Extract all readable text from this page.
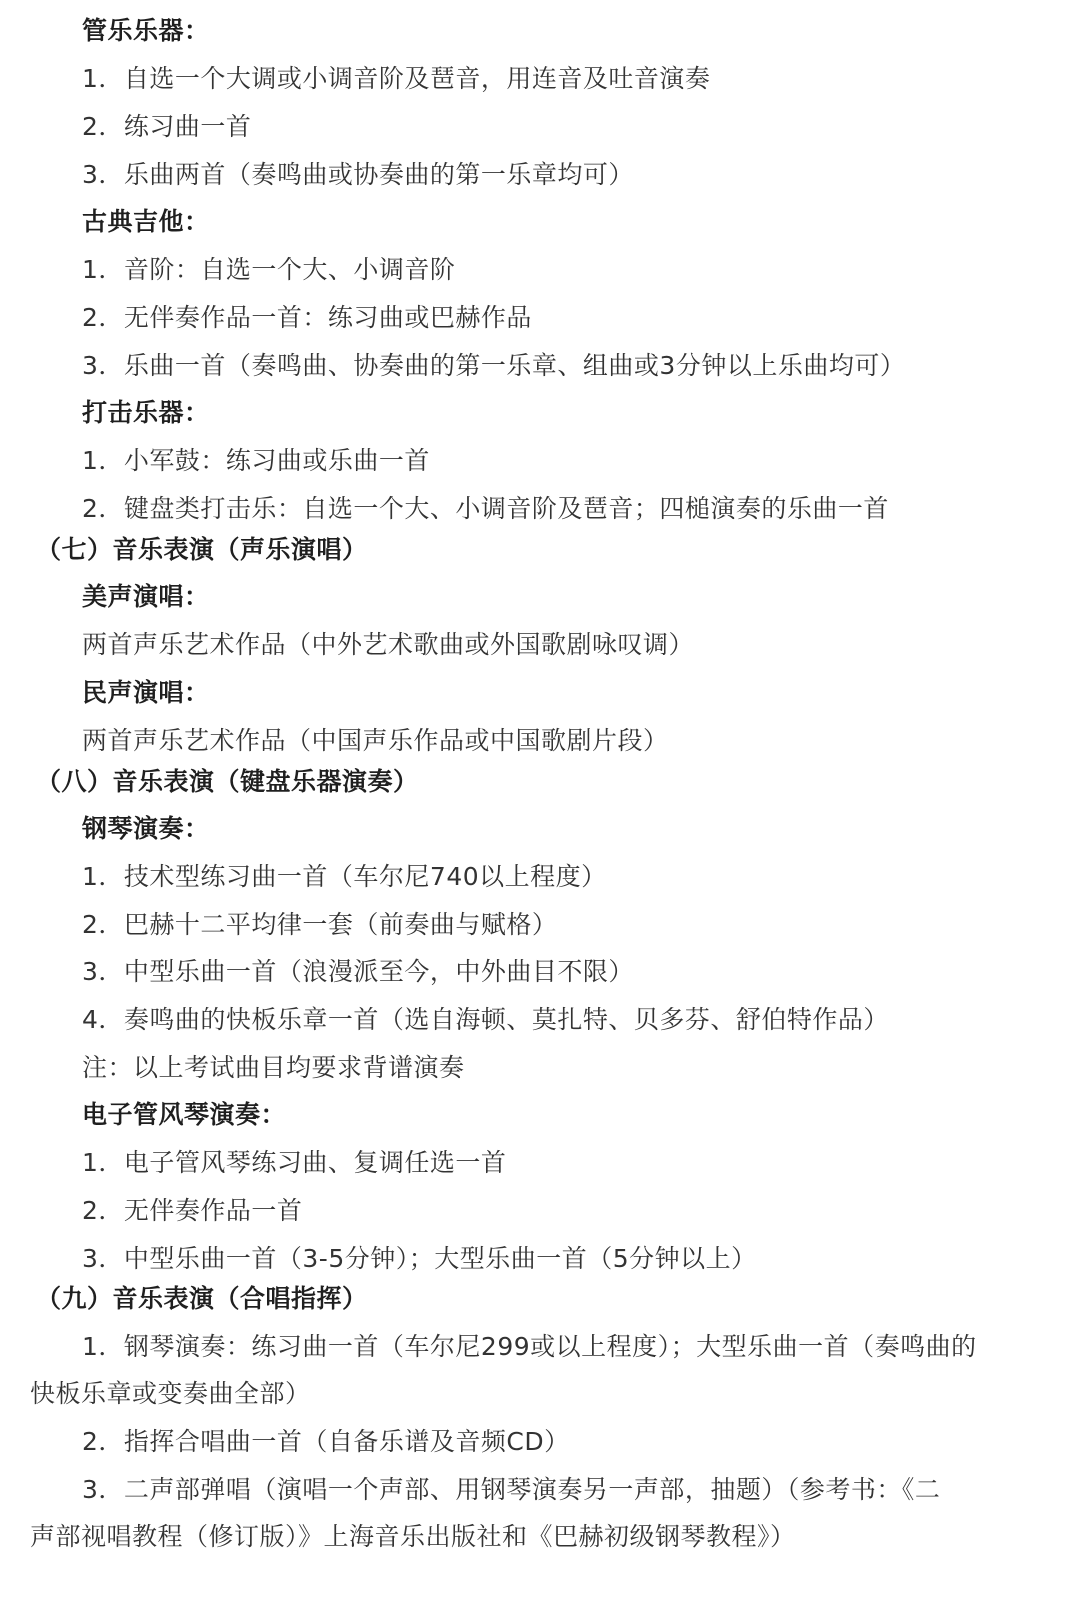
管乐乐器：
1．自选一个大调或小调音阶及琶音，用连音及吐音演奏
2．练习曲一首
3．乐曲两首（奏鸣曲或协奏曲的第一乐章均可）
古典吉他：
1．音阶：自选一个大、小调音阶
2．无伴奏作品一首：练习曲或巴赫作品
3．乐曲一首（奏鸣曲、协奏曲的第一乐章、组曲或3分钟以上乐曲均可）
打击乐器：
1．小军鼓：练习曲或乐曲一首
2．键盘类打击乐：自选一个大、小调音阶及琶音；四槌演奏的乐曲一首
（七）音乐表演（声乐演唱）
美声演唱：
两首声乐艺术作品（中外艺术歌曲或外国歌剧咏叹调）
民声演唱：
两首声乐艺术作品（中国声乐作品或中国歌剧片段）
（八）音乐表演（键盘乐器演奏）
钢琴演奏：
1．技术型练习曲一首（车尔尼740以上程度）
2．巴赫十二平均律一套（前奏曲与赋格）
3．中型乐曲一首（浪漫派至今，中外曲目不限）
4．奏鸣曲的快板乐章一首（选自海顿、莫扎特、贝多芬、舒伯特作品）
注：以上考试曲目均要求背谱演奏
电子管风琴演奏：
1．电子管风琴练习曲、复调任选一首
2．无伴奏作品一首
3．中型乐曲一首（3-5分钟）；大型乐曲一首（5分钟以上）
（九）音乐表演（合唱指挥）
1．钢琴演奏：练习曲一首（车尔尼299或以上程度）；大型乐曲一首（奏鸣曲的
快板乐章或变奏曲全部）
2．指挥合唱曲一首（自备乐谱及音频CD）
3．二声部弹唱（演唱一个声部、用钢琴演奏另一声部，抽题）（参考书：《二
声部视唱教程（修订版）》上海音乐出版社和《巴赫初级钢琴教程》）
